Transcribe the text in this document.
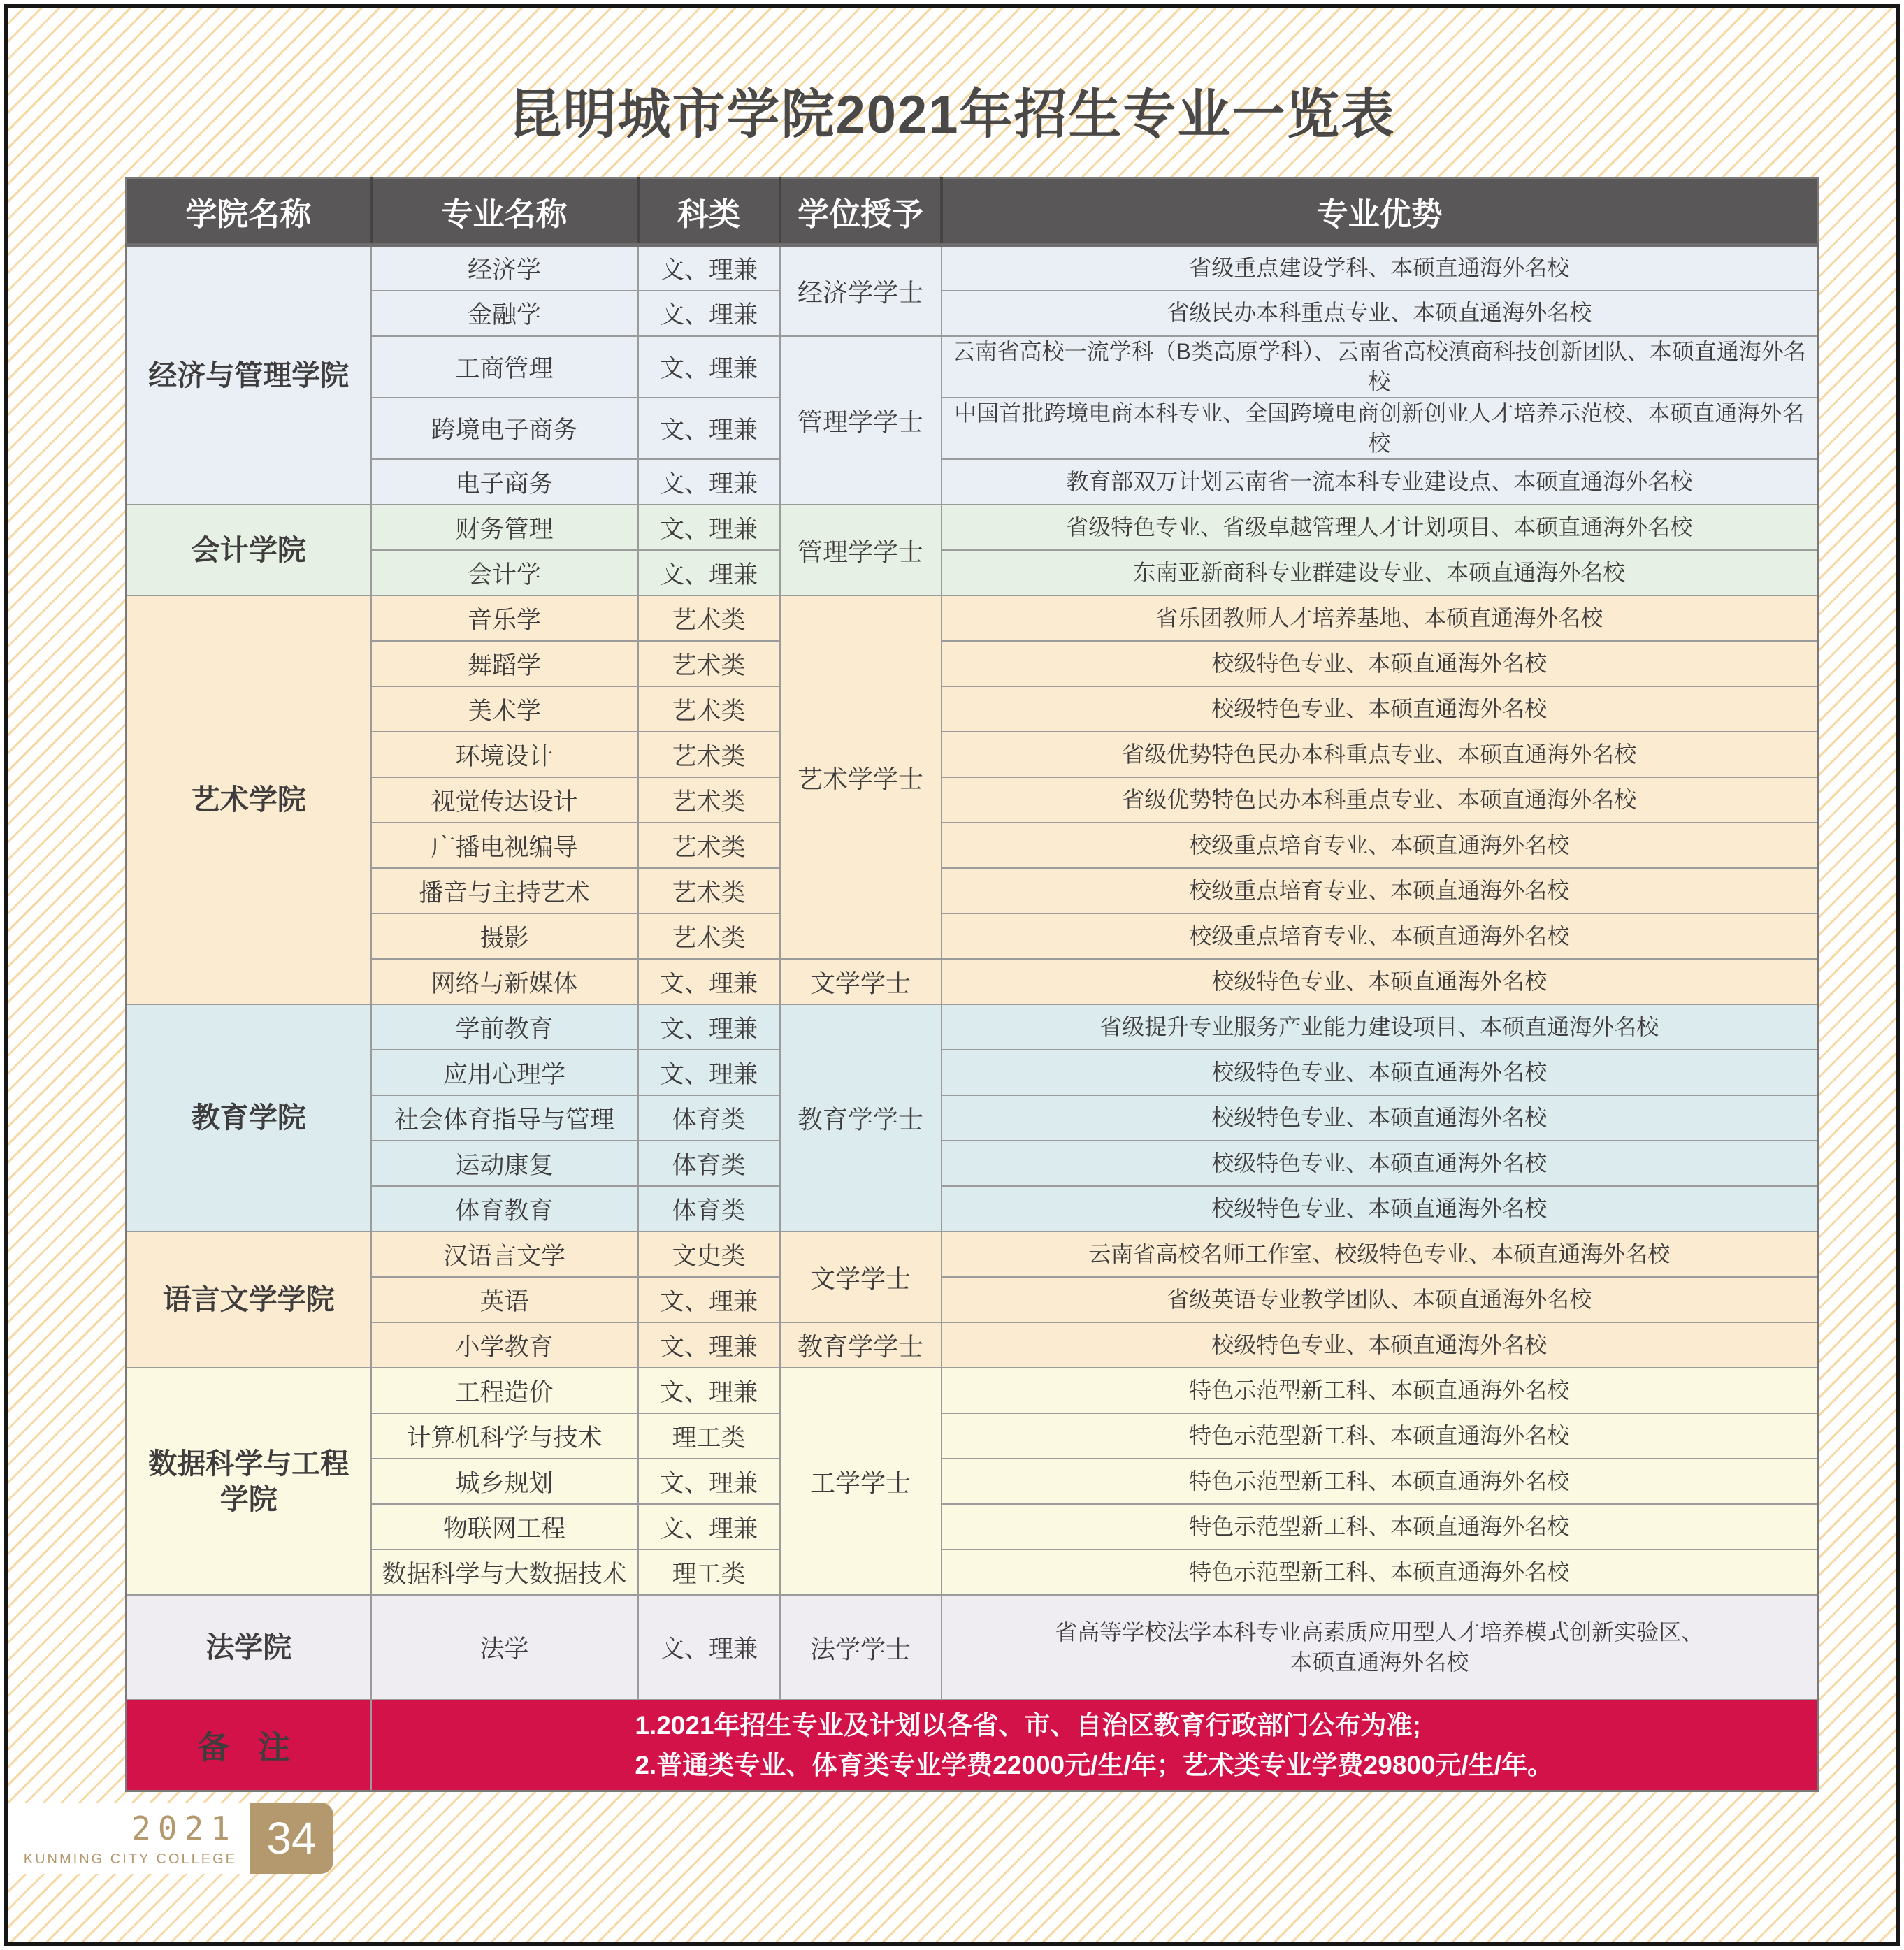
昆明城市学院2021年招生专业一览表
学院名称	专业名称	科类	学位授予	专业优势
经济与管理学院	经济学	文、理兼	经济学学士	省级重点建设学科、本硕直通海外名校
	金融学	文、理兼		省级民办本科重点专业、本硕直通海外名校
	工商管理	文、理兼	管理学学士	云南省高校一流学科（B类高原学科）、云南省高校滇商科技创新团队、本硕直通海外名校
	跨境电子商务	文、理兼		中国首批跨境电商本科专业、全国跨境电商创新创业人才培养示范校、本硕直通海外名校
	电子商务	文、理兼		教育部双万计划云南省一流本科专业建设点、本硕直通海外名校
会计学院	财务管理	文、理兼	管理学学士	省级特色专业、省级卓越管理人才计划项目、本硕直通海外名校
	会计学	文、理兼		东南亚新商科专业群建设专业、本硕直通海外名校
艺术学院	音乐学	艺术类	艺术学学士	省乐团教师人才培养基地、本硕直通海外名校
	舞蹈学	艺术类		校级特色专业、本硕直通海外名校
	美术学	艺术类		校级特色专业、本硕直通海外名校
	环境设计	艺术类		省级优势特色民办本科重点专业、本硕直通海外名校
	视觉传达设计	艺术类		省级优势特色民办本科重点专业、本硕直通海外名校
	广播电视编导	艺术类		校级重点培育专业、本硕直通海外名校
	播音与主持艺术	艺术类		校级重点培育专业、本硕直通海外名校
	摄影	艺术类		校级重点培育专业、本硕直通海外名校
	网络与新媒体	文、理兼	文学学士	校级特色专业、本硕直通海外名校
教育学院	学前教育	文、理兼	教育学学士	省级提升专业服务产业能力建设项目、本硕直通海外名校
	应用心理学	文、理兼		校级特色专业、本硕直通海外名校
	社会体育指导与管理	体育类		校级特色专业、本硕直通海外名校
	运动康复	体育类		校级特色专业、本硕直通海外名校
	体育教育	体育类		校级特色专业、本硕直通海外名校
语言文学学院	汉语言文学	文史类	文学学士	云南省高校名师工作室、校级特色专业、本硕直通海外名校
	英语	文、理兼		省级英语专业教学团队、本硕直通海外名校
	小学教育	文、理兼	教育学学士	校级特色专业、本硕直通海外名校
数据科学与工程学院	工程造价	文、理兼	工学学士	特色示范型新工科、本硕直通海外名校
	计算机科学与技术	理工类		特色示范型新工科、本硕直通海外名校
	城乡规划	文、理兼		特色示范型新工科、本硕直通海外名校
	物联网工程	文、理兼		特色示范型新工科、本硕直通海外名校
	数据科学与大数据技术	理工类		特色示范型新工科、本硕直通海外名校
法学院	法学	文、理兼	法学学士	省高等学校法学本科专业高素质应用型人才培养模式创新实验区、
本硕直通海外名校
备 注	1.2021年招生专业及计划以各省、市、自治区教育行政部门公布为准;
2.普通类专业、体育类专业学费22000元/生/年；艺术类专业学费29800元/生/年。			
2021
KUNMING CITY COLLEGE 34
